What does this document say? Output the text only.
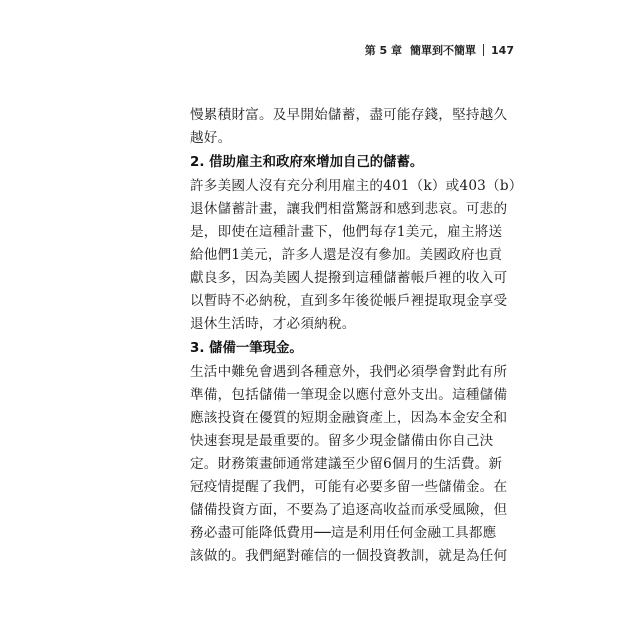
第 5 章 簡單到不簡單 147
慢累積財富。及早開始儲蓄，盡可能存錢，堅持越久
越好。
2. 借助雇主和政府來增加自己的儲蓄。
許多美國人沒有充分利用雇主的401（k）或403（b）
退休儲蓄計畫，讓我們相當驚訝和感到悲哀。可悲的
是，即使在這種計畫下，他們每存1美元，雇主將送
給他們1美元，許多人還是沒有參加。美國政府也貢
獻良多，因為美國人提撥到這種儲蓄帳戶裡的收入可
以暫時不必納稅，直到多年後從帳戶裡提取現金享受
退休生活時，才必須納稅。
3. 儲備一筆現金。
生活中難免會遇到各種意外，我們必須學會對此有所
準備，包括儲備一筆現金以應付意外支出。這種儲備
應該投資在優質的短期金融資產上，因為本金安全和
快速套現是最重要的。留多少現金儲備由你自己決
定。財務策畫師通常建議至少留6個月的生活費。新
冠疫情提醒了我們，可能有必要多留一些儲備金。在
儲備投資方面，不要為了追逐高收益而承受風險，但
務必盡可能降低費用──這是利用任何金融工具都應
該做的。我們絕對確信的一個投資教訓，就是為任何
